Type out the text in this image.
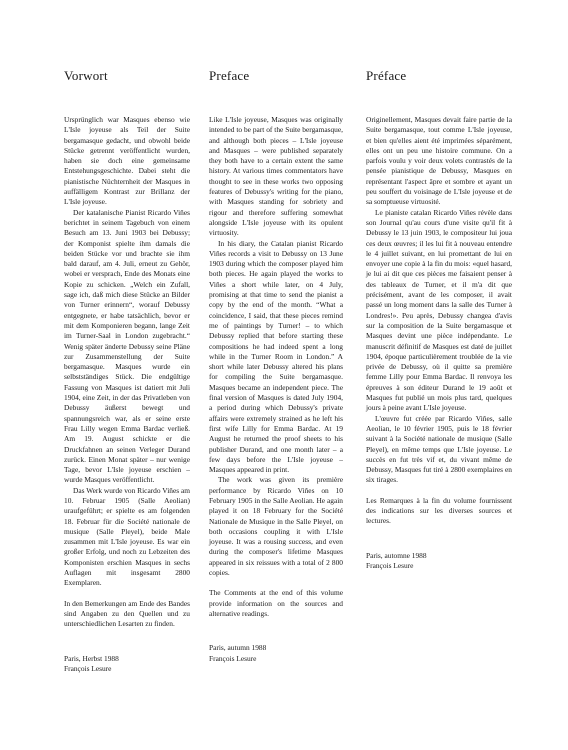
Vorwort

Ursprünglich war Masques ebenso wie L'Isle joyeuse als Teil der Suite bergamasque gedacht, und obwohl beide Stücke getrennt veröffentlicht wurden, haben sie doch eine gemeinsame Entstehungsgeschichte. Dabei steht die pianistische Nüchternheit der Masques in auffälligem Kontrast zur Brillanz der L'Isle joyeuse.

Der katalanische Pianist Ricardo Viñes berichtet in seinem Tagebuch von einem Besuch am 13. Juni 1903 bei Debussy; der Komponist spielte ihm damals die beiden Stücke vor und brachte sie ihm bald darauf, am 4. Juli, erneut zu Gehör, wobei er versprach, Ende des Monats eine Kopie zu schicken. „Welch ein Zufall, sage ich, daß mich diese Stücke an Bilder von Turner erinnern“, worauf Debussy entgegnete, er habe tatsächlich, bevor er mit dem Komponieren begann, lange Zeit im Turner-Saal in London zugebracht.“ Wenig später änderte Debussy seine Pläne zur Zusammenstellung der Suite bergamasque. Masques wurde ein selbstständiges Stück. Die endgültige Fassung von Masques ist datiert mit Juli 1904, eine Zeit, in der das Privatleben von Debussy äußerst bewegt und spannungsreich war, als er seine erste Frau Lilly wegen Emma Bardac verließ. Am 19. August schickte er die Druckfahnen an seinen Verleger Durand zurück. Einen Monat später – nur wenige Tage, bevor L'Isle joyeuse erschien – wurde Masques veröffentlicht.

Das Werk wurde von Ricardo Viñes am 10. Februar 1905 (Salle Aeolian) uraufgeführt; er spielte es am folgenden 18. Februar für die Société nationale de musique (Salle Pleyel), beide Male zusammen mit L'Isle joyeuse. Es war ein großer Erfolg, und noch zu Lebzeiten des Komponisten erschien Masques in sechs Auflagen mit insgesamt 2800 Exemplaren.

In den Bemerkungen am Ende des Bandes sind Angaben zu den Quellen und zu unterschiedlichen Lesarten zu finden.

Paris, Herbst 1988
François Lesure
Preface

Like L'Isle joyeuse, Masques was originally intended to be part of the Suite bergamasque, and although both pieces – L'Isle joyeuse and Masques – were published separately they both have to a certain extent the same history. At various times commentators have thought to see in these works two opposing features of Debussy's writing for the piano, with Masques standing for sobriety and rigour and therefore suffering somewhat alongside L'Isle joyeuse with its opulent virtuosity.

In his diary, the Catalan pianist Ricardo Viñes records a visit to Debussy on 13 June 1903 during which the composer played him both pieces. He again played the works to Viñes a short while later, on 4 July, promising at that time to send the pianist a copy by the end of the month. “What a coincidence, I said, that these pieces remind me of paintings by Turner! – to which Debussy replied that before starting these compositions he had indeed spent a long while in the Turner Room in London.” A short while later Debussy altered his plans for compiling the Suite bergamasque. Masques became an independent piece. The final version of Masques is dated July 1904, a period during which Debussy's private affairs were extremely strained as he left his first wife Lilly for Emma Bardac. At 19 August he returned the proof sheets to his publisher Durand, and one month later – a few days before the L'Isle joyeuse – Masques appeared in print.

The work was given its première performance by Ricardo Viñes on 10 February 1905 in the Salle Aeolian. He again played it on 18 February for the Société Nationale de Musique in the Salle Pleyel, on both occasions coupling it with L'Isle joyeuse. It was a rousing success, and even during the composer's lifetime Masques appeared in six reissues with a total of 2 800 copies.

The Comments at the end of this volume provide information on the sources and alternative readings.

Paris, autumn 1988
François Lesure
Préface

Originellement, Masques devait faire partie de la Suite bergamasque, tout comme L'Isle joyeuse, et bien qu'elles aient été imprimées séparément, elles ont un peu une histoire commune. On a parfois voulu y voir deux volets contrastés de la pensée pianistique de Debussy, Masques en représentant l'aspect âpre et sombre et ayant un peu souffert du voisinage de L'Isle joyeuse et de sa somptueuse virtuosité.

Le pianiste catalan Ricardo Viñes révèle dans son Journal qu'au cours d'une visite qu'il fit à Debussy le 13 juin 1903, le compositeur lui joua ces deux œuvres; il les lui fit à nouveau entendre le 4 juillet suivant, en lui promettant de lui en envoyer une copie à la fin du mois: «quel hasard, je lui ai dit que ces pièces me faisaient penser à des tableaux de Turner, et il m'a dit que précisément, avant de les composer, il avait passé un long moment dans la salle des Turner à Londres!». Peu après, Debussy changea d'avis sur la composition de la Suite bergamasque et Masques devint une pièce indépendante. Le manuscrit définitif de Masques est daté de juillet 1904, époque particulièrement troublée de la vie privée de Debussy, où il quitte sa première femme Lilly pour Emma Bardac. Il renvoya les épreuves à son éditeur Durand le 19 août et Masques fut publié un mois plus tard, quelques jours à peine avant L'Isle joyeuse.

L'œuvre fut créée par Ricardo Viñes, salle Aeolian, le 10 février 1905, puis le 18 février suivant à la Société nationale de musique (Salle Pleyel), en même temps que L'Isle joyeuse. Le succès en fut très vif et, du vivant même de Debussy, Masques fut tiré à 2800 exemplaires en six tirages.

Les Remarques à la fin du volume fournissent des indications sur les diverses sources et lectures.

Paris, automne 1988
François Lesure
